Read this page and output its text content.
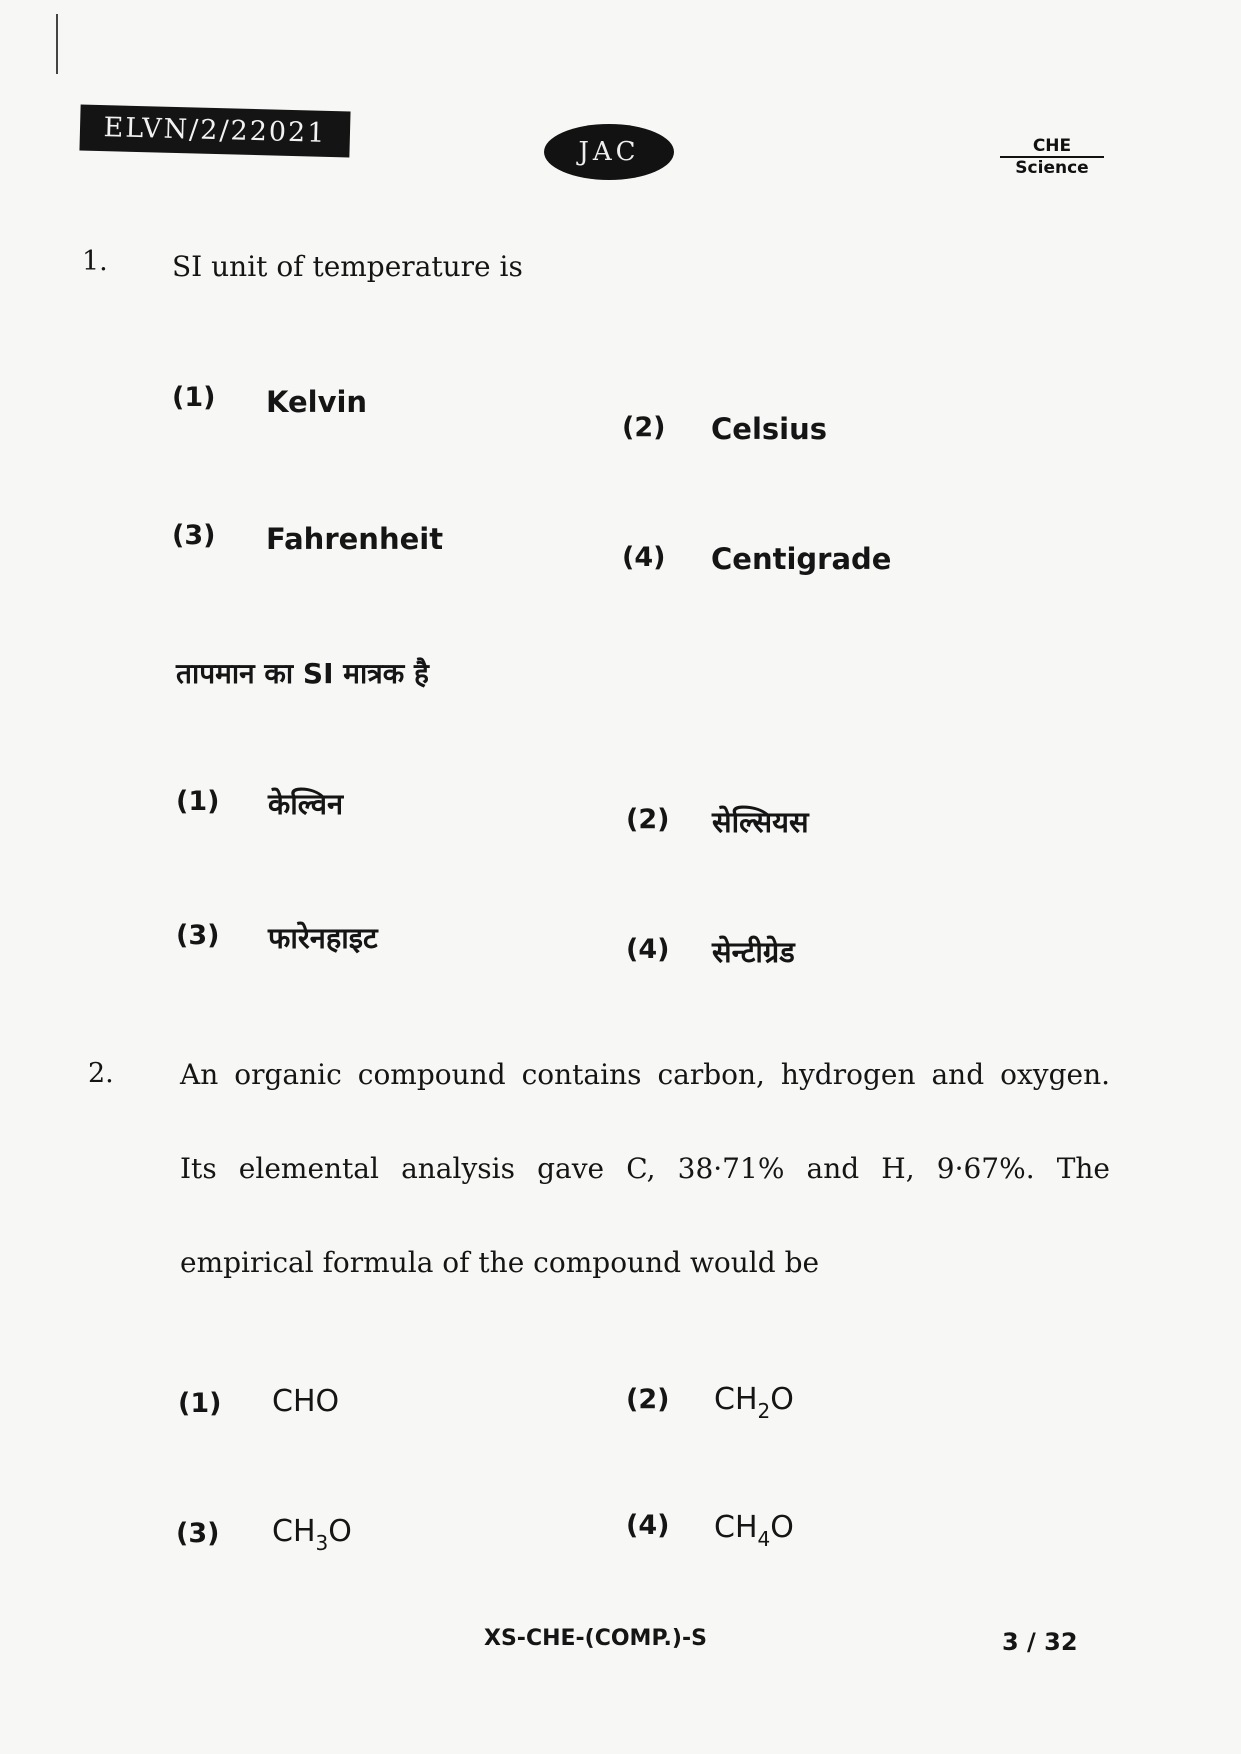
ELVN/2/22021
JAC	CHE
Science
1. SI unit of temperature is
(1) Kelvin
(2) Celsius
(3) Fahrenheit
(4) Centigrade
तापमान का SI मात्रक है
(1) केल्विन	(2) सेल्सियस
(3) फारेनहाइट	(4) सेन्टीग्रेड
2. An organic compound contains carbon, hydrogen and oxygen.
Its elemental analysis gave C, 38·71% and H, 9·67%. The
empirical formula of the compound would be
(1) CHO	(2) $CH_2O$
(3) $CH_3O$	(4) $CH_4O$
XS-CHE-(COMP.)-S	3 / 32
